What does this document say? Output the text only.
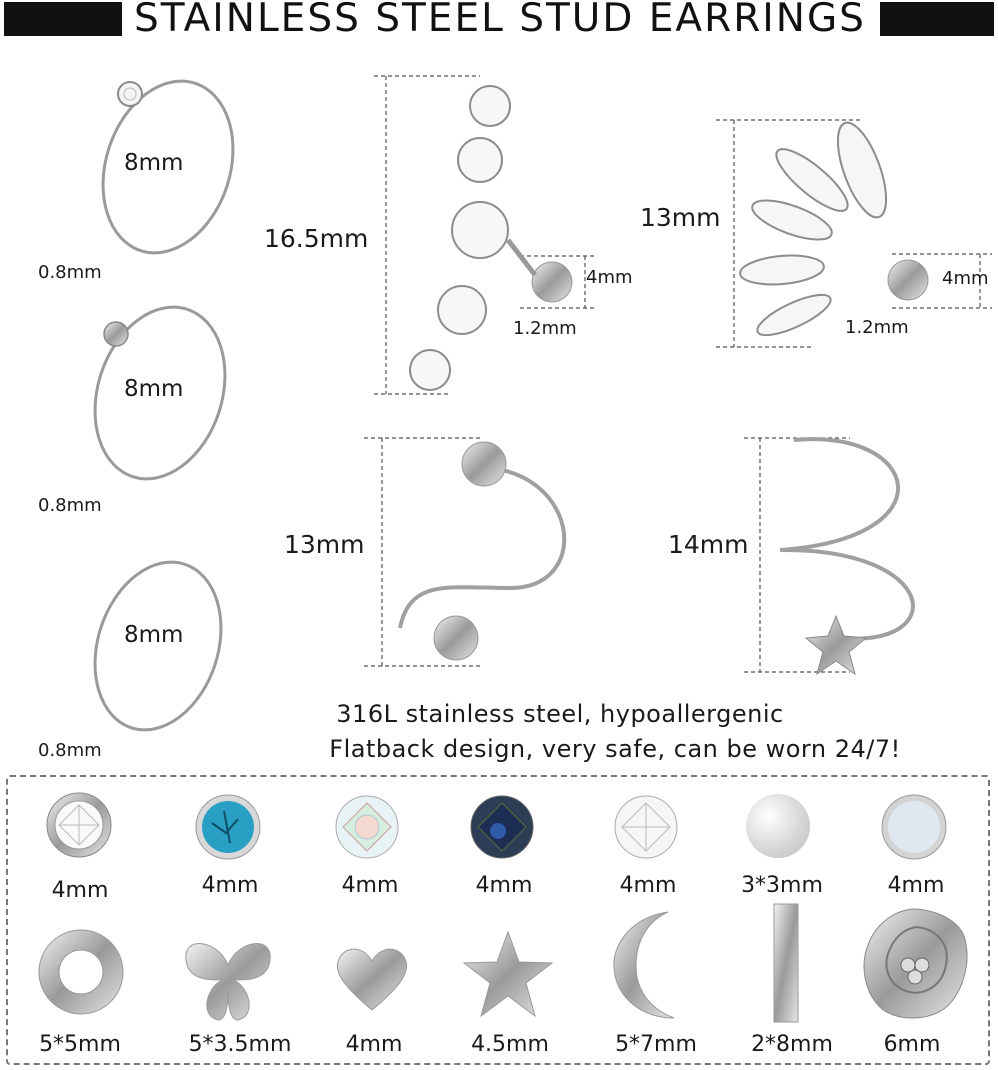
STAINLESS STEEL STUD EARRINGS
8mm
0.8mm
8mm
0.8mm
8mm
0.8mm
16.5mm
4mm
1.2mm
13mm
4mm
1.2mm
13mm	14mm
316L stainless steel, hypoallergenic
Flatback design, very safe, can be worn 24/7!
4mm	4mm	4mm	4mm	4mm	3*3mm	4mm
5*5mm	5*3.5mm	4mm	4.5mm	5*7mm	2*8mm	6mm
